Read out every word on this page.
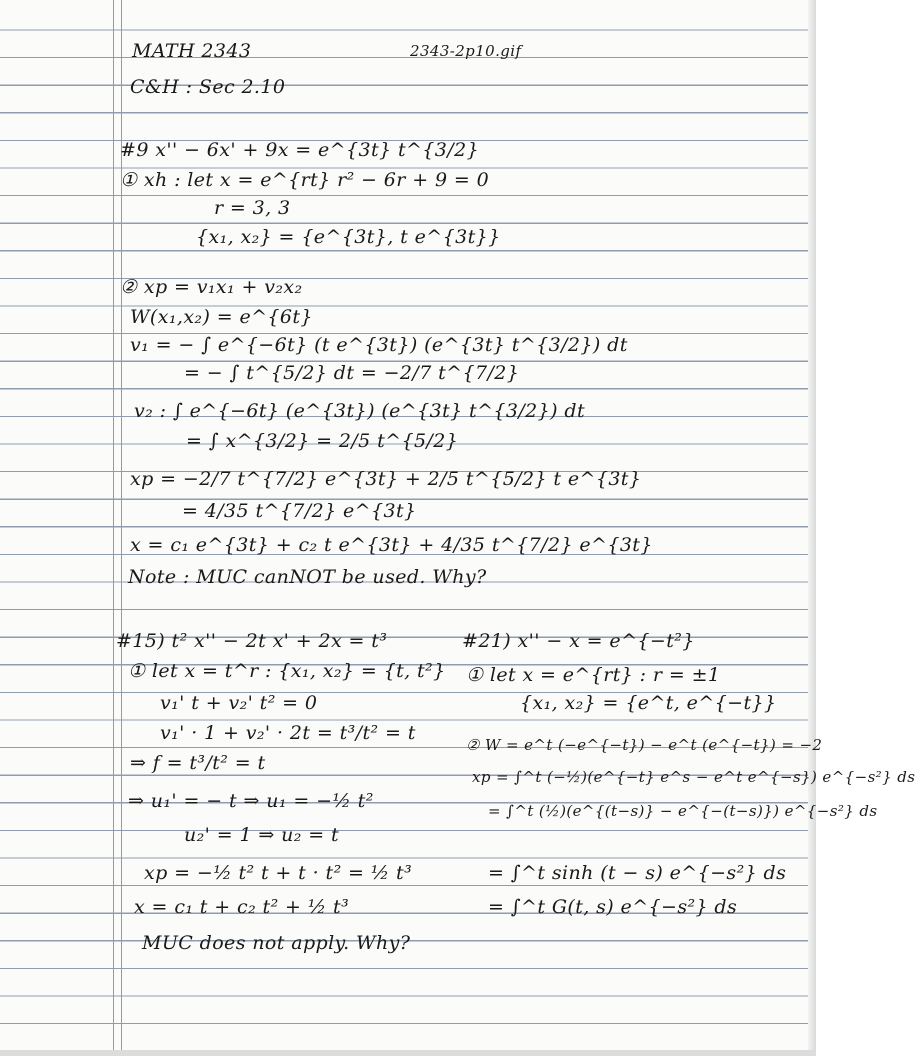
MATH 2343	2343-2p10.gif
C&H : Sec 2.10
#9 x'' − 6x' + 9x = e^{3t} t^{3/2}
① xh : let x = e^{rt} r² − 6r + 9 = 0
r = 3, 3
{x₁, x₂} = {e^{3t}, t e^{3t}}
② xp = v₁x₁ + v₂x₂
W(x₁,x₂) = e^{6t}
v₁ = − ∫ e^{−6t} (t e^{3t}) (e^{3t} t^{3/2}) dt
= − ∫ t^{5/2} dt = −2/7 t^{7/2}
v₂ : ∫ e^{−6t} (e^{3t}) (e^{3t} t^{3/2}) dt
= ∫ x^{3/2} = 2/5 t^{5/2}
xp = −2/7 t^{7/2} e^{3t} + 2/5 t^{5/2} t e^{3t}
= 4/35 t^{7/2} e^{3t}
x = c₁ e^{3t} + c₂ t e^{3t} + 4/35 t^{7/2} e^{3t}
Note : MUC canNOT be used. Why?
#15) t² x'' − 2t x' + 2x = t³
① let x = t^r : {x₁, x₂} = {t, t²}
v₁' t + v₂' t² = 0
v₁' · 1 + v₂' · 2t = t³/t² = t
⇒ f = t³/t² = t
⇒ u₁' = − t ⇒ u₁ = −½ t²
u₂' = 1 ⇒ u₂ = t
xp = −½ t² t + t · t² = ½ t³
x = c₁ t + c₂ t² + ½ t³
MUC does not apply. Why?
#21) x'' − x = e^{−t²}
① let x = e^{rt} : r = ±1
{x₁, x₂} = {e^t, e^{−t}}
② W = e^t (−e^{−t}) − e^t (e^{−t}) = −2
xp = ∫^t (−½)(e^{−t} e^s − e^t e^{−s}) e^{−s²} ds
= ∫^t (½)(e^{(t−s)} − e^{−(t−s)}) e^{−s²} ds
= ∫^t sinh (t − s) e^{−s²} ds
= ∫^t G(t, s) e^{−s²} ds
